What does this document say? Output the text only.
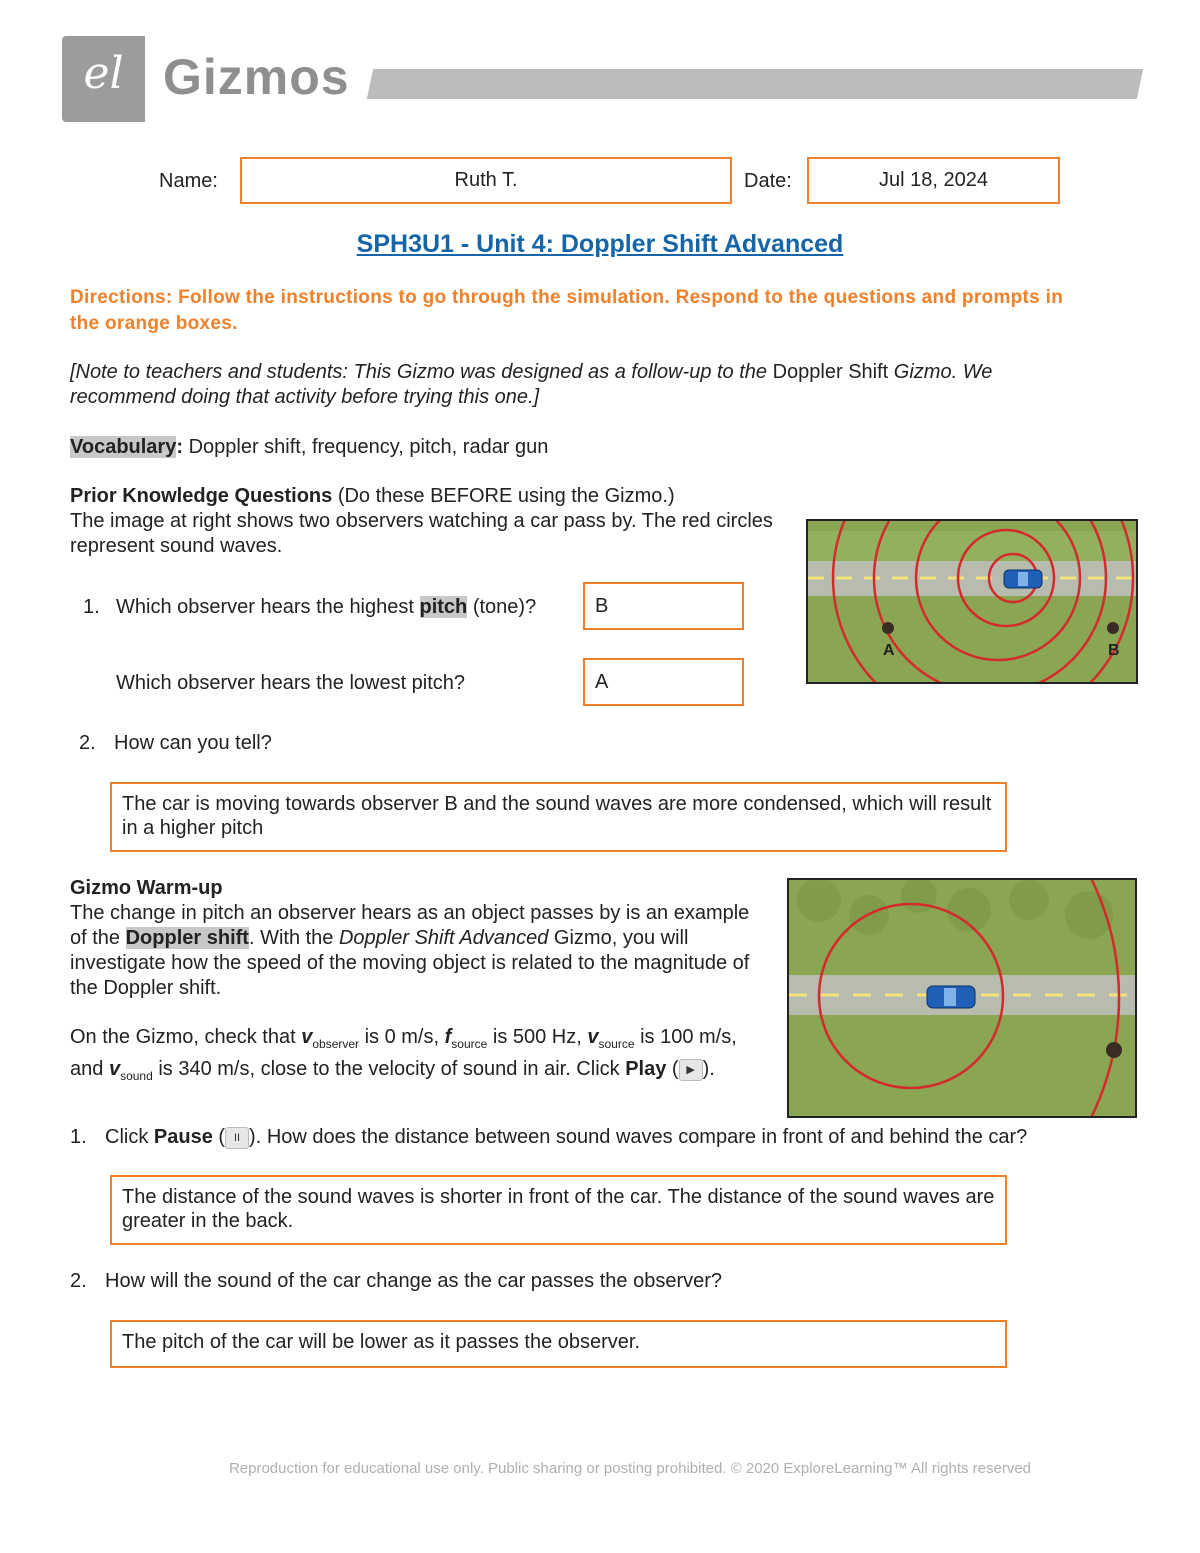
el Gizmos
Name:	Ruth T.	Date:	Jul 18, 2024
SPH3U1 - Unit 4: Doppler Shift Advanced
Directions: Follow the instructions to go through the simulation. Respond to the questions and prompts in the orange boxes.
[Note to teachers and students: This Gizmo was designed as a follow-up to the Doppler Shift Gizmo. We recommend doing that activity before trying this one.]
Vocabulary: Doppler shift, frequency, pitch, radar gun
Prior Knowledge Questions (Do these BEFORE using the Gizmo.)
The image at right shows two observers watching a car pass by. The red circles represent sound waves.
A	B
1. Which observer hears the highest pitch (tone)?	B
Which observer hears the lowest pitch?	A
2. How can you tell?
The car is moving towards observer B and the sound waves are more condensed, which will result in a higher pitch
Gizmo Warm-up
The change in pitch an observer hears as an object passes by is an example of the Doppler shift. With the Doppler Shift Advanced Gizmo, you will investigate how the speed of the moving object is related to the magnitude of the Doppler shift.
On the Gizmo, check that $v_{observer}$ is 0 m/s, $f_{source}$ is 500 Hz, $v_{source}$ is 100 m/s, and $v_{sound}$ is 340 m/s, close to the velocity of sound in air. Click Play ( ▶ ).
1. Click Pause ( II ). How does the distance between sound waves compare in front of and behind the car?
The distance of the sound waves is shorter in front of the car. The distance of the sound waves are greater in the back.
2. How will the sound of the car change as the car passes the observer?
The pitch of the car will be lower as it passes the observer.
Reproduction for educational use only. Public sharing or posting prohibited. © 2020 ExploreLearning™ All rights reserved
